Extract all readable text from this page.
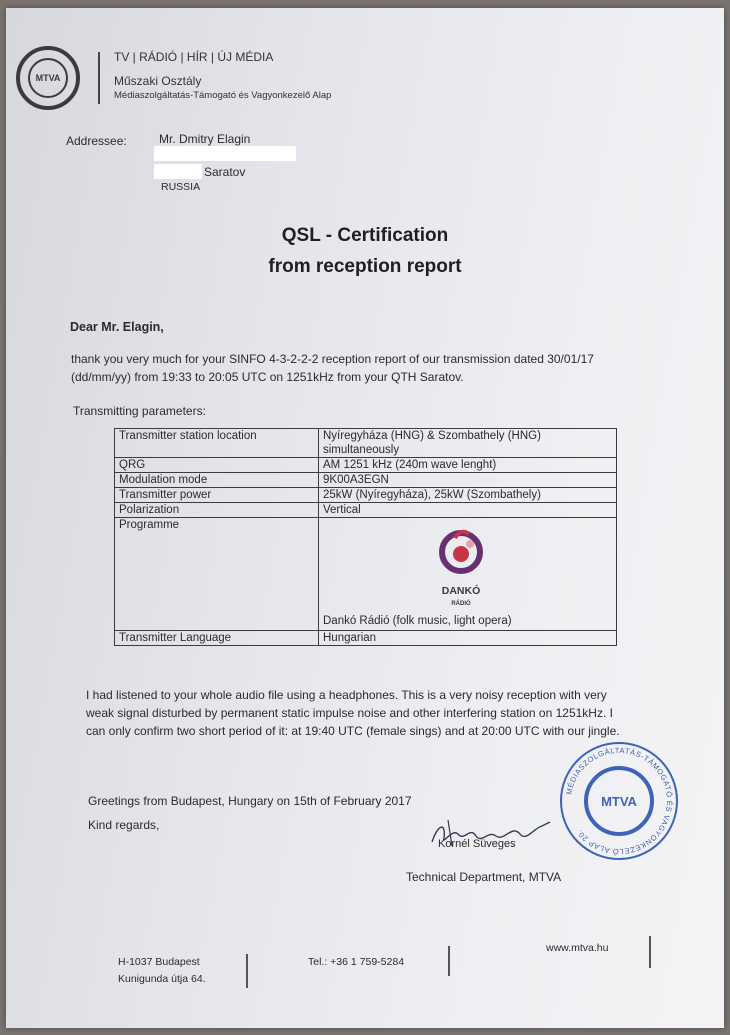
MTVA
TV | RÁDIÓ | HÍR | ÚJ MÉDIA
Műszaki Osztály
Médiaszolgáltatás-Támogató és Vagyonkezelő Alap
Addressee:	Mr. Dmitry Elagin
Saratov
RUSSIA
QSL - Certification
from reception report
Dear Mr. Elagin,
thank you very much for your SINFO 4-3-2-2-2 reception report of our transmission dated 30/01/17
(dd/mm/yy) from 19:33 to 20:05 UTC on 1251kHz from your QTH Saratov.
Transmitting parameters:
Transmitter station location	Nyíregyháza (HNG) & Szombathely (HNG)
simultaneously

QRG	AM 1251 kHz (240m wave lenght)
Modulation mode	9K00A3EGN
Transmitter power	25kW (Nyíregyháza), 25kW (Szombathely)
Polarization	Vertical
Programme	DANKÓ
RÁDIÓ
Dankó Rádió (folk music, light opera)

Transmitter Language	Hungarian
I had listened to your whole audio file using a headphones. This is a very noisy reception with very
weak signal disturbed by permanent static impulse noise and other interfering station on 1251kHz. I
can only confirm two short period of it: at 19:40 UTC (female sings) and at 20:00 UTC with our jingle.
Greetings from Budapest, Hungary on 15th of February 2017
Kind regards,
Kornél Süveges
Technical Department, MTVA
MTVA
MÉDIASZOLGÁLTATÁS-TÁMOGATÓ ÉS VAGYONKEZELŐ ALAP 20.
H-1037 Budapest
Kunigunda útja 64.
Tel.: +36 1 759-5284
www.mtva.hu
